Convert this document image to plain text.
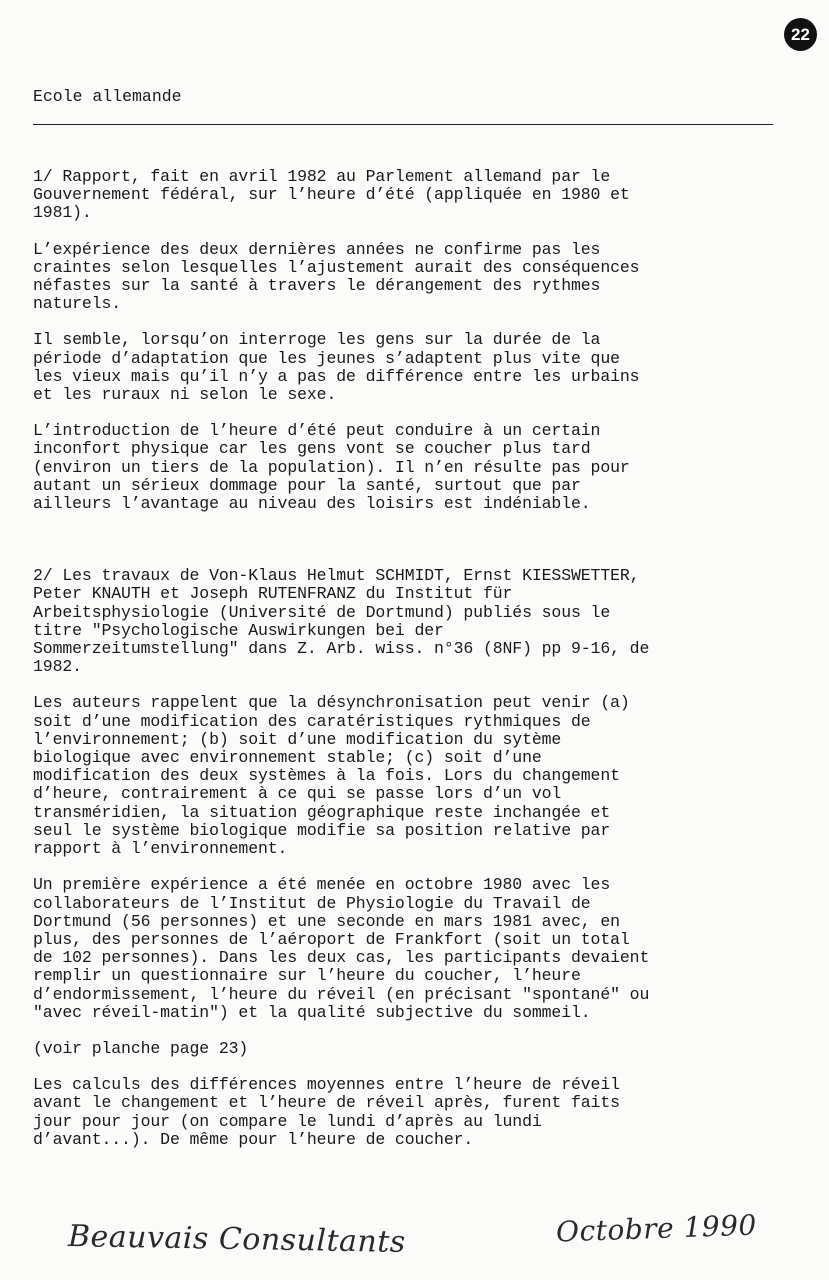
22
Ecole allemande

1/ Rapport, fait en avril 1982 au Parlement allemand par le
Gouvernement fédéral, sur l’heure d’été (appliquée en 1980 et
1981).

L’expérience des deux dernières années ne confirme pas les
craintes selon lesquelles l’ajustement aurait des conséquences
néfastes sur la santé à travers le dérangement des rythmes
naturels.

Il semble, lorsqu’on interroge les gens sur la durée de la
période d’adaptation que les jeunes s’adaptent plus vite que
les vieux mais qu’il n’y a pas de différence entre les urbains
et les ruraux ni selon le sexe.

L’introduction de l’heure d’été peut conduire à un certain
inconfort physique car les gens vont se coucher plus tard
(environ un tiers de la population). Il n’en résulte pas pour
autant un sérieux dommage pour la santé, surtout que par
ailleurs l’avantage au niveau des loisirs est indéniable.

2/ Les travaux de Von-Klaus Helmut SCHMIDT, Ernst KIESSWETTER,
Peter KNAUTH et Joseph RUTENFRANZ du Institut für
Arbeitsphysiologie (Université de Dortmund) publiés sous le
titre "Psychologische Auswirkungen bei der
Sommerzeitumstellung" dans Z. Arb. wiss. n°36 (8NF) pp 9-16, de
1982.

Les auteurs rappelent que la désynchronisation peut venir (a)
soit d’une modification des caratéristiques rythmiques de
l’environnement; (b) soit d’une modification du sytème
biologique avec environnement stable; (c) soit d’une
modification des deux systèmes à la fois. Lors du changement
d’heure, contrairement à ce qui se passe lors d’un vol
transméridien, la situation géographique reste inchangée et
seul le système biologique modifie sa position relative par
rapport à l’environnement.

Un première expérience a été menée en octobre 1980 avec les
collaborateurs de l’Institut de Physiologie du Travail de
Dortmund (56 personnes) et une seconde en mars 1981 avec, en
plus, des personnes de l’aéroport de Frankfort (soit un total
de 102 personnes). Dans les deux cas, les participants devaient
remplir un questionnaire sur l’heure du coucher, l’heure
d’endormissement, l’heure du réveil (en précisant "spontané" ou
"avec réveil-matin") et la qualité subjective du sommeil.

(voir planche page 23)

Les calculs des différences moyennes entre l’heure de réveil
avant le changement et l’heure de réveil après, furent faits
jour pour jour (on compare le lundi d’après au lundi
d’avant...). De même pour l’heure de coucher.

Beauvais Consultants	Octobre 1990
